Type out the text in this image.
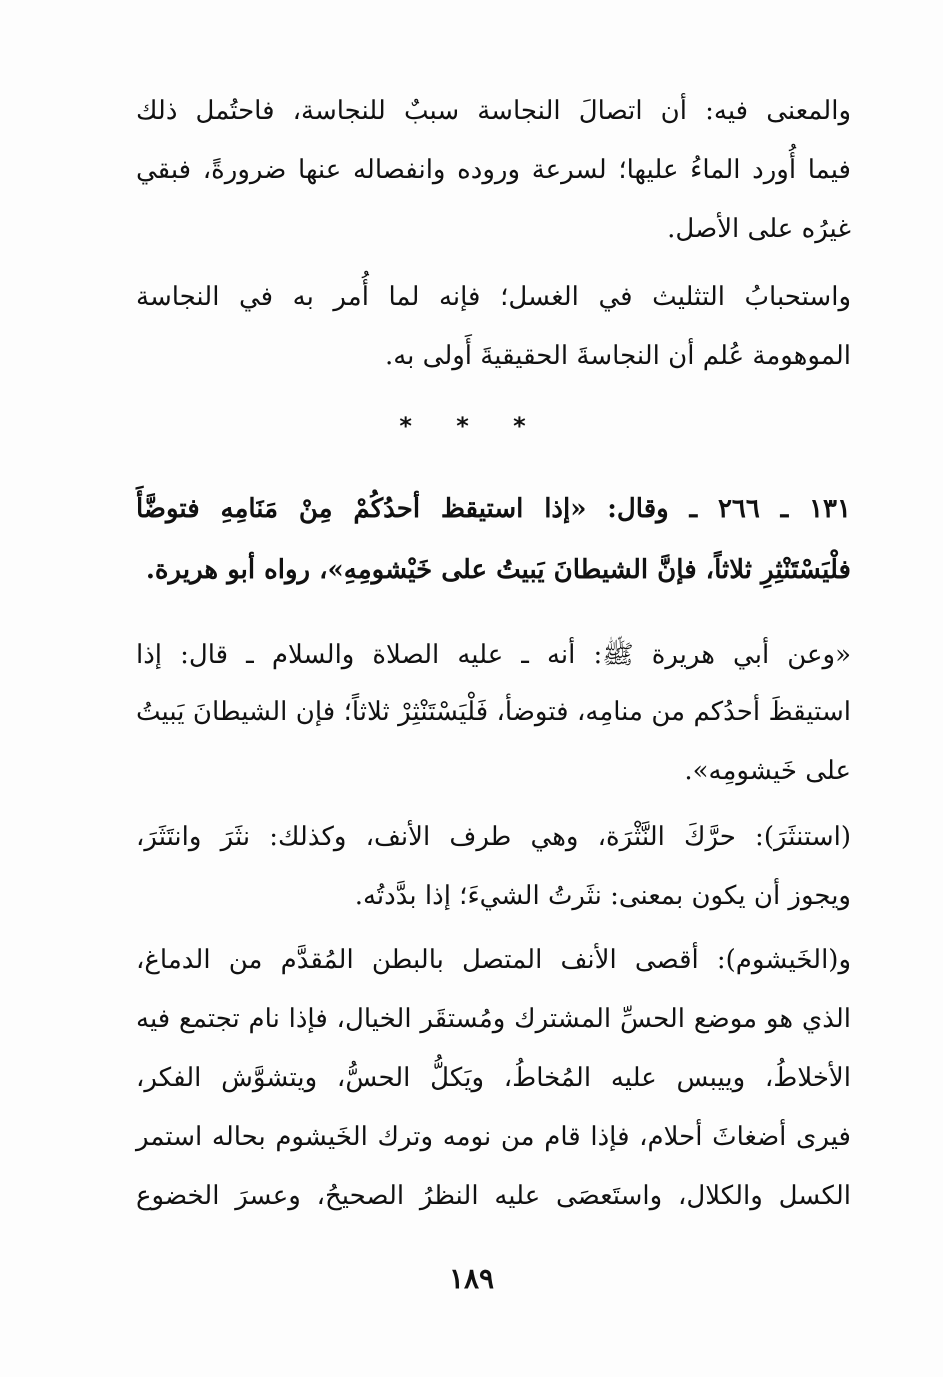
والمعنى فيه: أن اتصالَ النجاسة سببٌ للنجاسة، فاحتُمل ذلك
فيما أُورد الماءُ عليها؛ لسرعة وروده وانفصاله عنها ضرورةً، فبقي
غيرُه على الأصل.
واستحبابُ التثليث في الغسل؛ فإنه لما أُمر به في النجاسة
الموهومة عُلم أن النجاسةَ الحقيقيةَ أَولى به.
١٣١ ـ ٢٦٦ ـ وقال: «إذا استيقظ أحدُكُمْ مِنْ مَنَامِهِ فتوضَّأَ
فلْيَسْتَنْثِرِ ثلاثاً، فإنَّ الشيطانَ يَبيتُ على خَيْشومِهِ»، رواه أبو هريرة.
«وعن أبي هريرة ﷺ: أنه ـ عليه الصلاة والسلام ـ قال: إذا
استيقظَ أحدُكم من منامِه، فتوضأ، فَلْيَسْتَنْثِرْ ثلاثاً؛ فإن الشيطانَ يَبيتُ
على خَيشومِه».
(استنثَرَ): حرَّكَ النَّثْرَة، وهي طرف الأنف، وكذلك: نثَرَ وانتَثَرَ،
ويجوز أن يكون بمعنى: نثَرتُ الشيءَ؛ إذا بدَّدتُه.
و(الخَيشوم): أقصى الأنف المتصل بالبطن المُقدَّم من الدماغ،
الذي هو موضع الحسِّ المشترك ومُستقَر الخيال، فإذا نام تجتمع فيه
الأخلاطُ، وييبس عليه المُخاطُ، ويَكلُّ الحسُّ، ويتشوَّش الفكر،
فيرى أضغاثَ أحلام، فإذا قام من نومه وترك الخَيشوم بحاله استمر
الكسل والكلال، واستَعصَى عليه النظرُ الصحيحُ، وعسرَ الخضوع
* * *
١٨٩
